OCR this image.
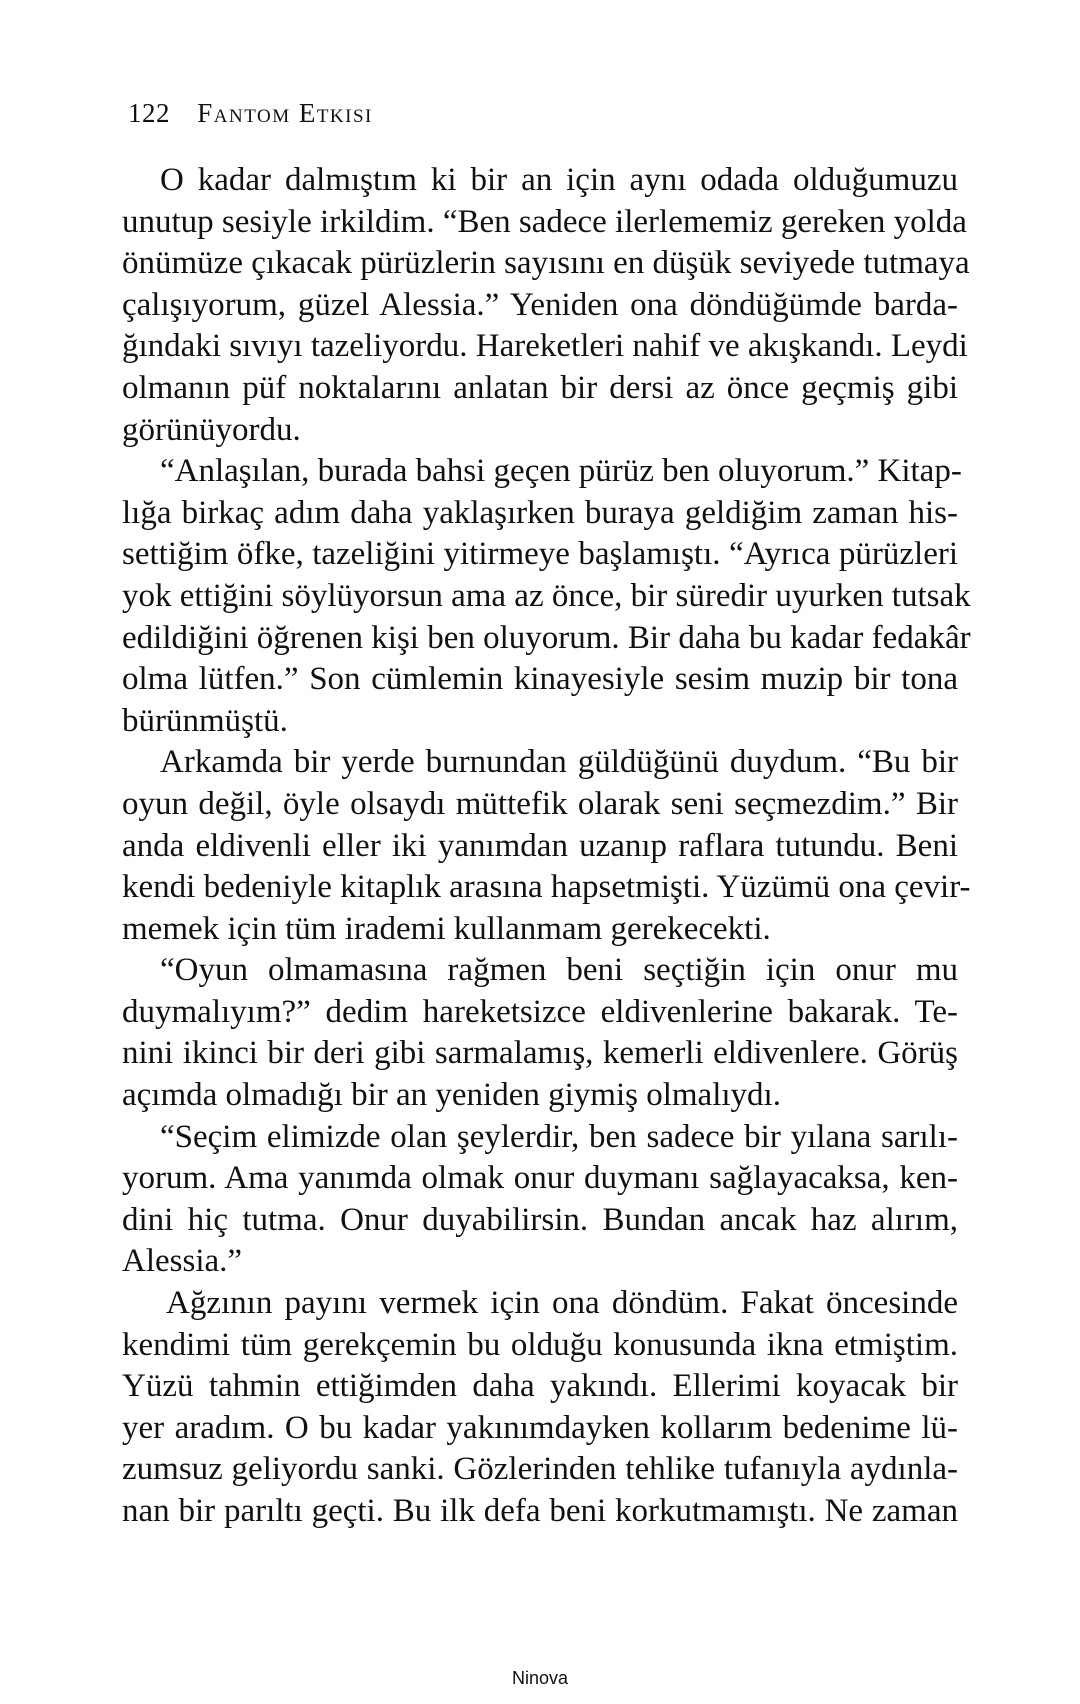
122 Fantom Etkisi
O kadar dalmıştım ki bir an için aynı odada olduğumuzu
unutup sesiyle irkildim. “Ben sadece ilerlememiz gereken yolda
önümüze çıkacak pürüzlerin sayısını en düşük seviyede tutmaya
çalışıyorum, güzel Alessia.” Yeniden ona döndüğümde barda-
ğındaki sıvıyı tazeliyordu. Hareketleri nahif ve akışkandı. Leydi
olmanın püf noktalarını anlatan bir dersi az önce geçmiş gibi
görünüyordu.
“Anlaşılan, burada bahsi geçen pürüz ben oluyorum.” Kitap-
lığa birkaç adım daha yaklaşırken buraya geldiğim zaman his-
settiğim öfke, tazeliğini yitirmeye başlamıştı. “Ayrıca pürüzleri
yok ettiğini söylüyorsun ama az önce, bir süredir uyurken tutsak
edildiğini öğrenen kişi ben oluyorum. Bir daha bu kadar fedakâr
olma lütfen.” Son cümlemin kinayesiyle sesim muzip bir tona
bürünmüştü.
Arkamda bir yerde burnundan güldüğünü duydum. “Bu bir
oyun değil, öyle olsaydı müttefik olarak seni seçmezdim.” Bir
anda eldivenli eller iki yanımdan uzanıp raflara tutundu. Beni
kendi bedeniyle kitaplık arasına hapsetmişti. Yüzümü ona çevir-
memek için tüm irademi kullanmam gerekecekti.
“Oyun olmamasına rağmen beni seçtiğin için onur mu
duymalıyım?” dedim hareketsizce eldivenlerine bakarak. Te-
nini ikinci bir deri gibi sarmalamış, kemerli eldivenlere. Görüş
açımda olmadığı bir an yeniden giymiş olmalıydı.
“Seçim elimizde olan şeylerdir, ben sadece bir yılana sarılı-
yorum. Ama yanımda olmak onur duymanı sağlayacaksa, ken-
dini hiç tutma. Onur duyabilirsin. Bundan ancak haz alırım,
Alessia.”
Ağzının payını vermek için ona döndüm. Fakat öncesinde
kendimi tüm gerekçemin bu olduğu konusunda ikna etmiştim.
Yüzü tahmin ettiğimden daha yakındı. Ellerimi koyacak bir
yer aradım. O bu kadar yakınımdayken kollarım bedenime lü-
zumsuz geliyordu sanki. Gözlerinden tehlike tufanıyla aydınla-
nan bir parıltı geçti. Bu ilk defa beni korkutmamıştı. Ne zaman
Ninova
